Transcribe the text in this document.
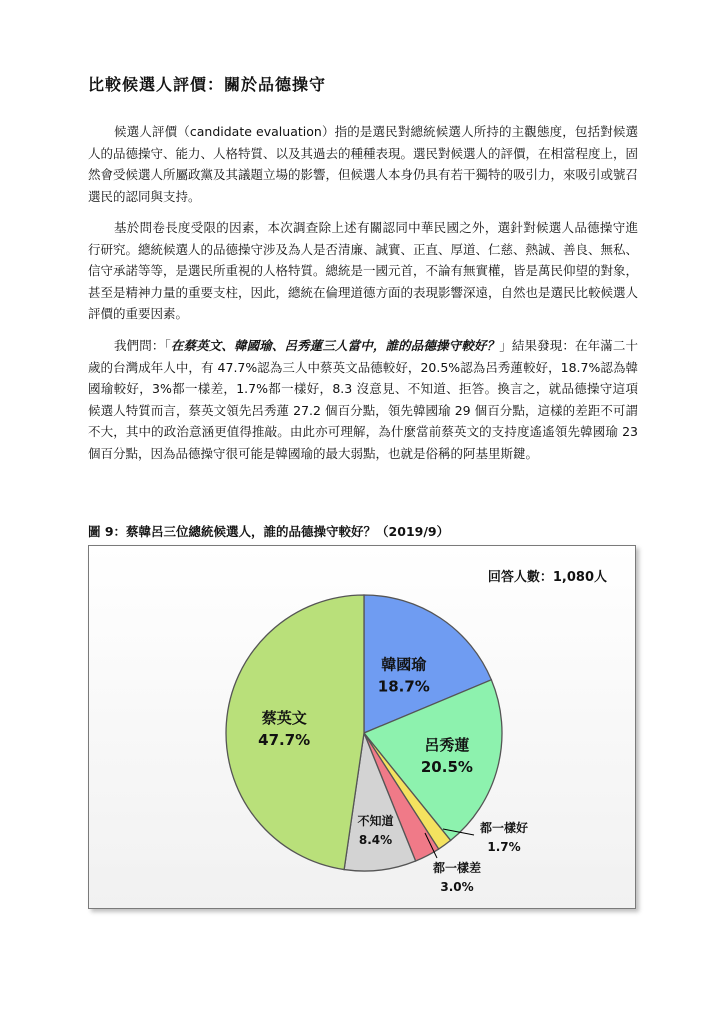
比較候選人評價：關於品德操守

候選人評價（candidate evaluation）指的是選民對總統候選人所持的主觀態度，包括對候選人的品德操守、能力、人格特質、以及其過去的種種表現。選民對候選人的評價，在相當程度上，固然會受候選人所屬政黨及其議題立場的影響，但候選人本身仍具有若干獨特的吸引力，來吸引或號召選民的認同與支持。

基於問卷長度受限的因素，本次調查除上述有關認同中華民國之外，選針對候選人品德操守進行研究。總統候選人的品德操守涉及為人是否清廉、誠實、正直、厚道、仁慈、熱誠、善良、無私、信守承諾等等，是選民所重視的人格特質。總統是一國元首，不論有無實權，皆是萬民仰望的對象，甚至是精神力量的重要支柱，因此，總統在倫理道德方面的表現影響深遠，自然也是選民比較候選人評價的重要因素。

我們問：「在蔡英文、韓國瑜、呂秀蓮三人當中，誰的品德操守較好？」結果發現：在年滿二十歲的台灣成年人中，有 47.7%認為三人中蔡英文品德較好，20.5%認為呂秀蓮較好，18.7%認為韓國瑜較好，3%都一樣差，1.7%都一樣好，8.3 沒意見、不知道、拒答。換言之，就品德操守這項候選人特質而言，蔡英文領先呂秀蓮 27.2 個百分點，領先韓國瑜 29 個百分點，這樣的差距不可謂不大，其中的政治意涵更值得推敲。由此亦可理解，為什麼當前蔡英文的支持度遙遙領先韓國瑜 23 個百分點，因為品德操守很可能是韓國瑜的最大弱點，也就是俗稱的阿基里斯鍵。

圖 9：蔡韓呂三位總統候選人，誰的品德操守較好？（2019/9）
回答人數：1,080人
韓國瑜
18.7%
呂秀蓮
20.5%
都一樣好
1.7%
都一樣差
3.0%
不知道
8.4%
蔡英文
47.7%
